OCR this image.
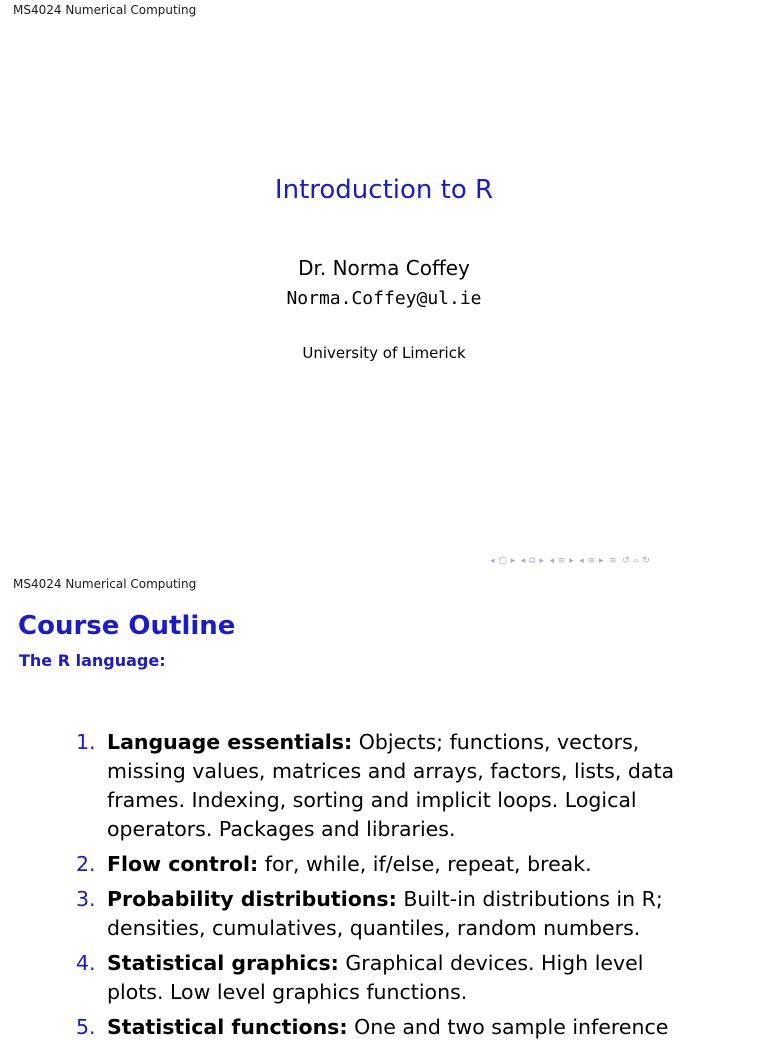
MS4024 Numerical Computing
Introduction to R
Dr. Norma Coffey
Norma.Coffey@ul.ie
University of Limerick
◂ ▢ ▸ ◂ ⧉ ▸ ◂ ≡ ▸ ◂ ≡ ▸ ≡ ↺ ⌕ ↻
MS4024 Numerical Computing
Course Outline
The R language:
1. Language essentials: Objects; functions, vectors, missing values, matrices and arrays, factors, lists, data frames. Indexing, sorting and implicit loops. Logical operators. Packages and libraries.
2. Flow control: for, while, if/else, repeat, break.
3. Probability distributions: Built-in distributions in R; densities, cumulatives, quantiles, random numbers.
4. Statistical graphics: Graphical devices. High level plots. Low level graphics functions.
5. Statistical functions: One and two sample inference
